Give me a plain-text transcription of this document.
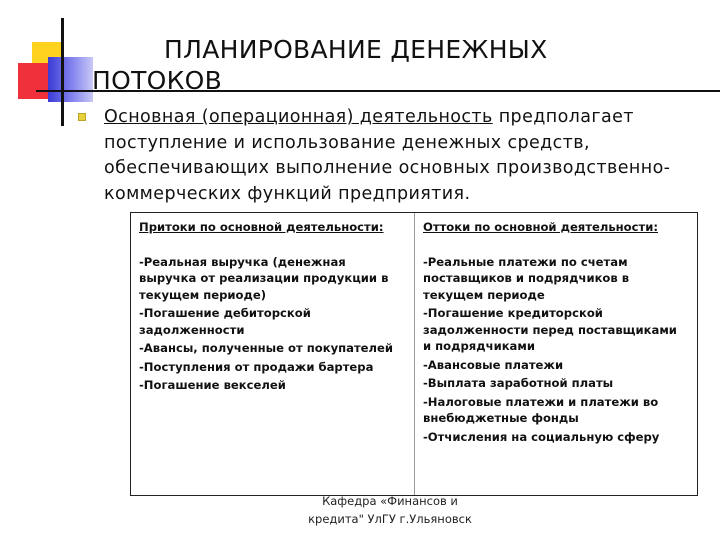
ПЛАНИРОВАНИЕ ДЕНЕЖНЫХ
ПОТОКОВ
Основная (операционная) деятельность предполагает поступление и использование денежных средств, обеспечивающих выполнение основных производственно-коммерческих функций предприятия.
Притоки по основной деятельности:
-Реальная выручка (денежная выручка от реализации продукции в текущем периоде)
-Погашение дебиторской задолженности
-Авансы, полученные от покупателей
-Поступления от продажи бартера
-Погашение векселей
Оттоки по основной деятельности:
-Реальные платежи по счетам поставщиков и подрядчиков в текущем периоде
-Погашение кредиторской задолженности перед поставщиками и подрядчиками
-Авансовые платежи
-Выплата заработной платы
-Налоговые платежи и платежи во внебюджетные фонды
-Отчисления на социальную сферу
Кафедра «Финансов и
кредита" УлГУ г.Ульяновск
